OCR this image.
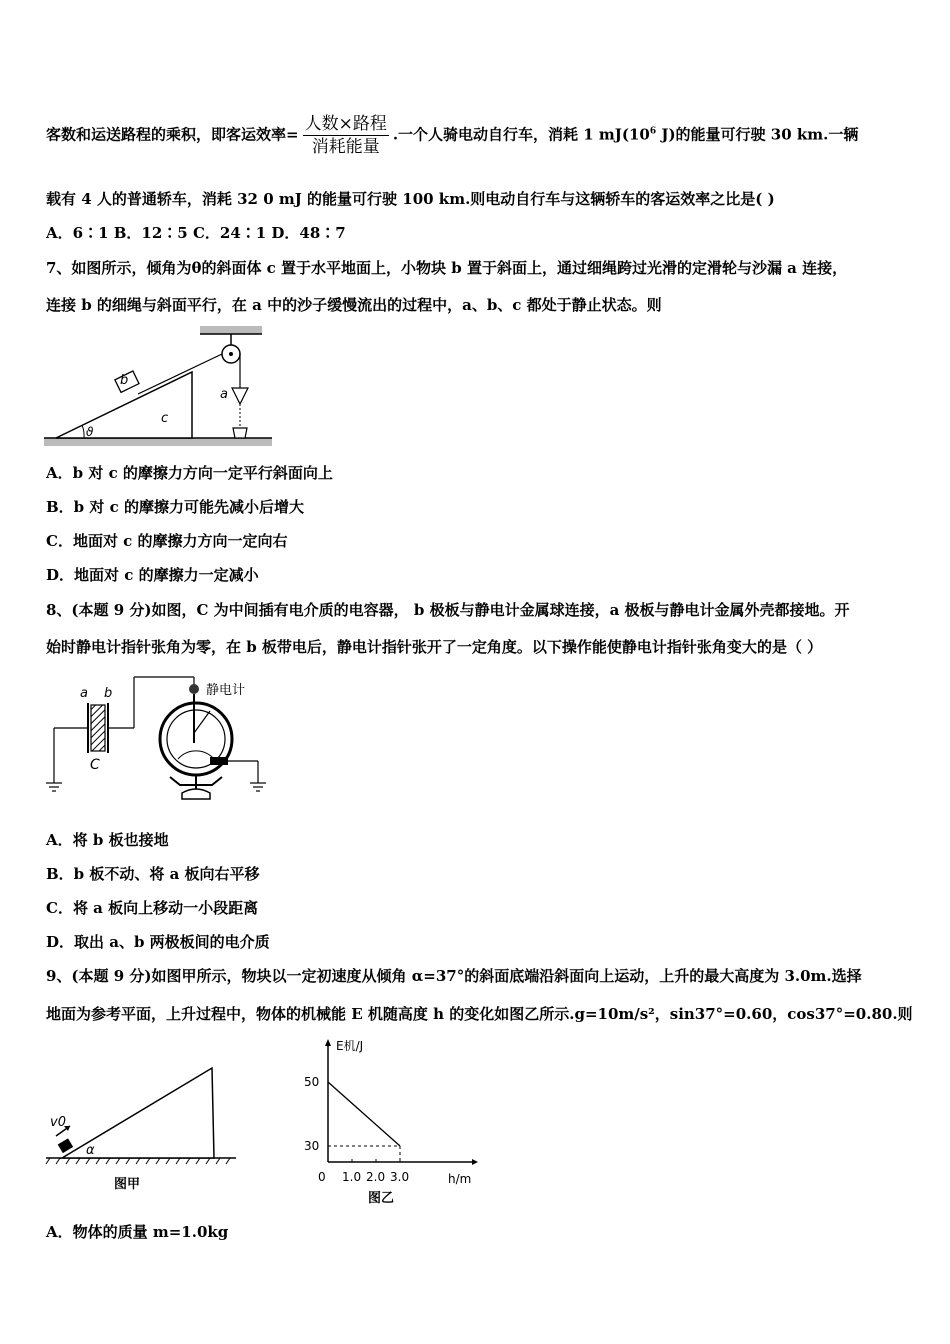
客数和运送路程的乘积，即客运效率= $\frac{\text{人数×路程}}{\text{消耗能量}}$ .一个人骑电动自行车，消耗 1 $mJ(10^6$ J)的能量可行驶 30 km.一辆
载有 4 人的普通轿车，消耗 32 0 mJ 的能量可行驶 100 km.则电动自行车与这辆轿车的客运效率之比是( )
A．6∶1 B．12∶5 C．24∶1 D．48∶7
7、如图所示，倾角为θ的斜面体 c 置于水平地面上，小物块 b 置于斜面上，通过细绳跨过光滑的定滑轮与沙漏 a 连接，
连接 b 的细绳与斜面平行，在 a 中的沙子缓慢流出的过程中，a、b、c 都处于静止状态。则
ϑ
c
b
a
A．b 对 c 的摩擦力方向一定平行斜面向上
B．b 对 c 的摩擦力可能先减小后增大
C．地面对 c 的摩擦力方向一定向右
D．地面对 c 的摩擦力一定减小
8、(本题 9 分)如图，C 为中间插有电介质的电容器， b 极板与静电计金属球连接，a 极板与静电计金属外壳都接地。开
始时静电计指针张角为零，在 b 板带电后，静电计指针张开了一定角度。以下操作能使静电计指针张角变大的是（ ）
a b
C
静电计
A．将 b 板也接地
B．b 板不动、将 a 板向右平移
C．将 a 板向上移动一小段距离
D．取出 a、b 两极板间的电介质
9、(本题 9 分)如图甲所示，物块以一定初速度从倾角 α=37°的斜面底端沿斜面向上运动，上升的最大高度为 3.0m.选择
地面为参考平面，上升过程中，物体的机械能 E 机随高度 h 的变化如图乙所示.g=10m/s²，sin37°=0.60，cos37°=0.80.则
v0
α
图甲
E机/J
h/m
0
50
30
1.0 2.0 3.0
图乙
A．物体的质量 m=1.0kg
